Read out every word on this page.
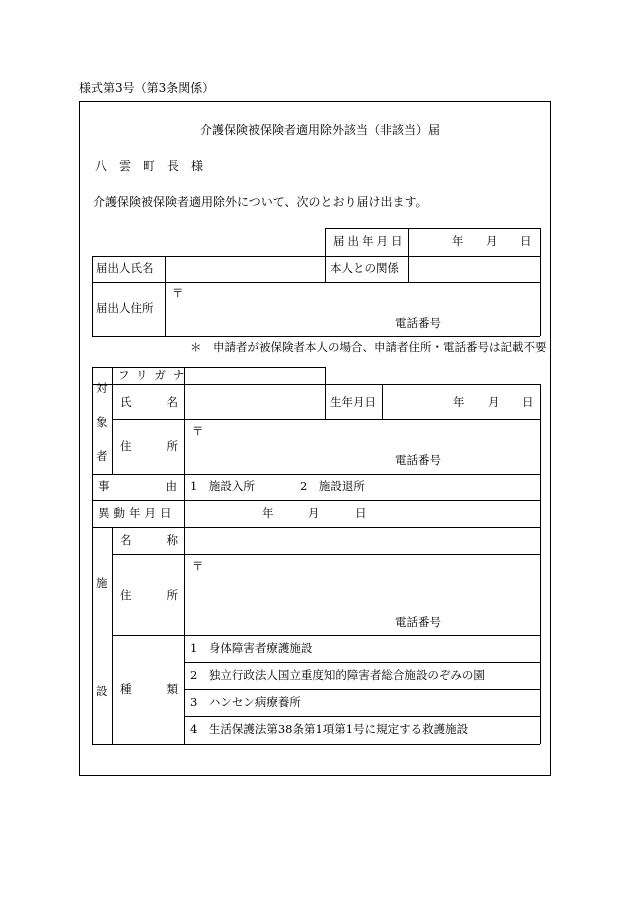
様式第3号（第3条関係）
介護保険被保険者適用除外該当（非該当）届
八　雲　町　長　様
介護保険被保険者適用除外について、次のとおり届け出ます。
届出年月日	年 月 日
届出人氏名	本人との関係
届出人住所
〒
電話番号
＊　申請者が被保険者本人の場合、申請者住所・電話番号は記載不要
対
象
者
フリガナ
氏　　名	生年月日	年 月 日
住　　所
〒
電話番号
事　　　　由 1　施設入所	2　施設退所
異動年月日	年	月	日
施
設
名　　称
住　　所
〒
電話番号
種　　類
1　身体障害者療護施設
2　独立行政法人国立重度知的障害者総合施設のぞみの園
3　ハンセン病療養所
4　生活保護法第38条第1項第1号に規定する救護施設
